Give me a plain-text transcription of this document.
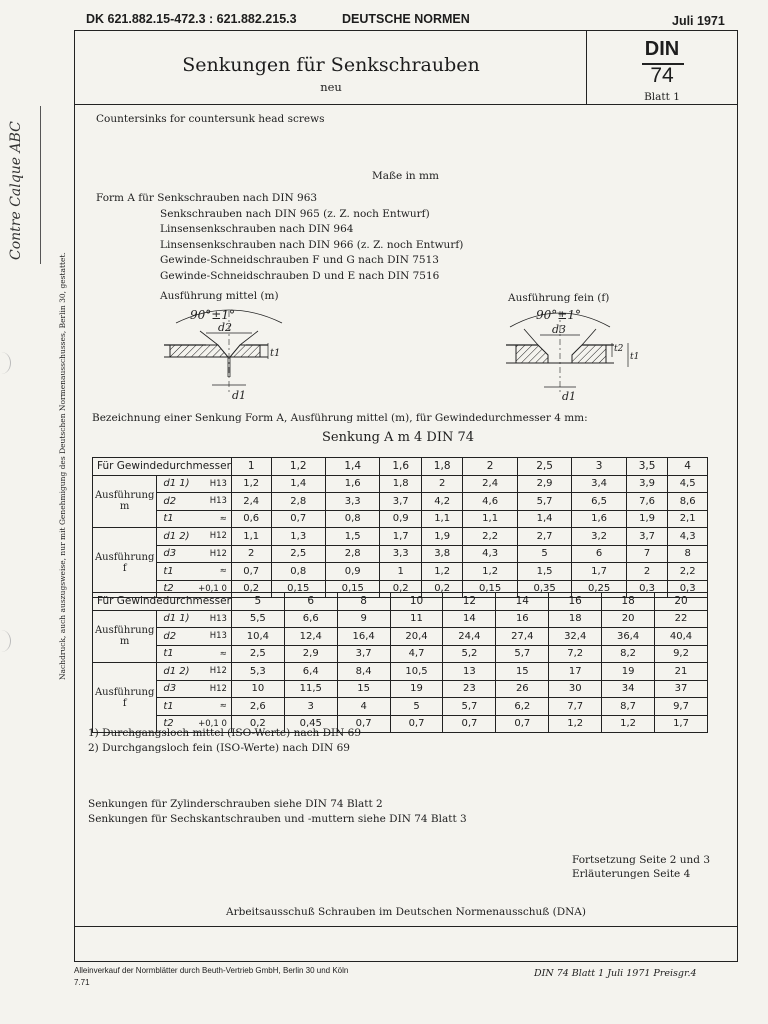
DK 621.882.15-472.3 : 621.882.215.3	DEUTSCHE NORMEN	Juli 1971
Senkungen für Senkschrauben
neu
DIN
74
Blatt 1
Countersinks for countersunk head screws
Maße in mm
Form A für Senkschrauben nach DIN 963
Senkschrauben nach DIN 965 (z. Z. noch Entwurf)
Linsensenkschrauben nach DIN 964
Linsensenkschrauben nach DIN 966 (z. Z. noch Entwurf)
Gewinde-Schneidschrauben F und G nach DIN 7513
Gewinde-Schneidschrauben D und E nach DIN 7516
Ausführung mittel (m)	Ausführung fein (f)
90°±1°
d2
t1
d1
90°±1°
d3
t2
t1
d1
Bezeichnung einer Senkung Form A, Ausführung mittel (m), für Gewindedurchmesser 4 mm:
Senkung A m 4 DIN 74
Für Gewindedurchmesser			1	1,2	1,4	1,6	1,8	2	2,5	3	3,5	4
Ausführung m	d1 1)	H13	1,2	1,4	1,6	1,8	2	2,4	2,9	3,4	3,9	4,5
	d2	H13	2,4	2,8	3,3	3,7	4,2	4,6	5,7	6,5	7,6	8,6
	t1	≈	0,6	0,7	0,8	0,9	1,1	1,1	1,4	1,6	1,9	2,1
Ausführung f	d1 2)	H12	1,1	1,3	1,5	1,7	1,9	2,2	2,7	3,2	3,7	4,3
	d3	H12	2	2,5	2,8	3,3	3,8	4,3	5	6	7	8
	t1	≈	0,7	0,8	0,9	1	1,2	1,2	1,5	1,7	2	2,2
	t2	+0,1 0	0,2	0,15	0,15	0,2	0,2	0,15	0,35	0,25	0,3	0,3
Für Gewindedurchmesser			5	6	8	10	12	14	16	18	20
Ausführung m	d1 1)	H13	5,5	6,6	9	11	14	16	18	20	22
	d2	H13	10,4	12,4	16,4	20,4	24,4	27,4	32,4	36,4	40,4
	t1	≈	2,5	2,9	3,7	4,7	5,2	5,7	7,2	8,2	9,2
Ausführung f	d1 2)	H12	5,3	6,4	8,4	10,5	13	15	17	19	21
	d3	H12	10	11,5	15	19	23	26	30	34	37
	t1	≈	2,6	3	4	5	5,7	6,2	7,7	8,7	9,7
	t2	+0,1 0	0,2	0,45	0,7	0,7	0,7	0,7	1,2	1,2	1,7
1) Durchgangsloch mittel (ISO-Werte) nach DIN 69
2) Durchgangsloch fein (ISO-Werte) nach DIN 69
Senkungen für Zylinderschrauben siehe DIN 74 Blatt 2
Senkungen für Sechskantschrauben und -muttern siehe DIN 74 Blatt 3
Fortsetzung Seite 2 und 3
Erläuterungen Seite 4
Arbeitsausschuß Schrauben im Deutschen Normenausschuß (DNA)
Alleinverkauf der Normblätter durch Beuth-Vertrieb GmbH, Berlin 30 und Köln
7.71
DIN 74 Blatt 1 Juli 1971 Preisgr.4
Nachdruck, auch auszugsweise, nur mit Genehmigung des Deutschen Normenausschusses, Berlin 30, gestattet.
Contre Calque ABC
